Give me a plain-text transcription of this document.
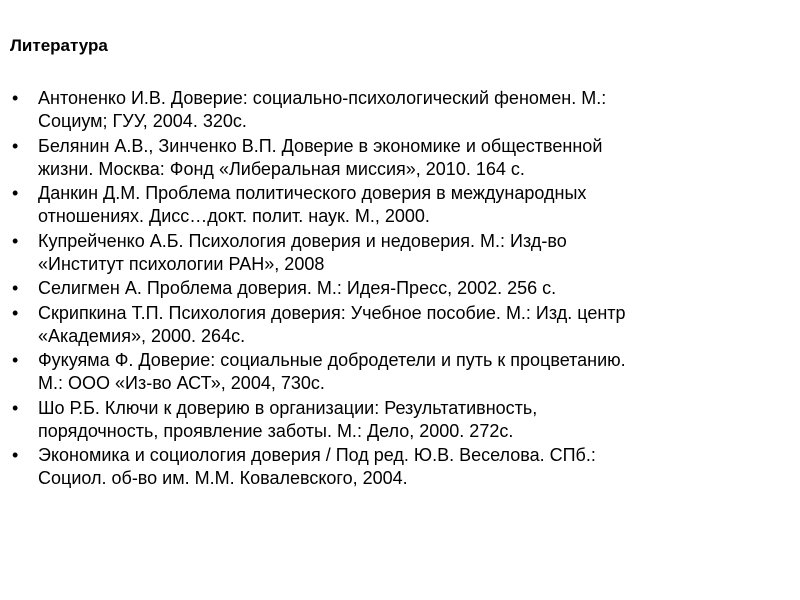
Литература
• Антоненко И.В. Доверие: социально-психологический феномен. М.:
Социум; ГУУ, 2004. 320с.
• Белянин А.В., Зинченко В.П. Доверие в экономике и общественной
жизни. Москва: Фонд «Либеральная миссия», 2010. 164 с.
• Данкин Д.М. Проблема политического доверия в международных
отношениях. Дисс…докт. полит. наук. М., 2000.
• Купрейченко А.Б. Психология доверия и недоверия. М.: Изд-во
«Институт психологии РАН», 2008
• Селигмен А. Проблема доверия. М.: Идея-Пресс, 2002. 256 с.
• Скрипкина Т.П. Психология доверия: Учебное пособие. М.: Изд. центр
«Академия», 2000. 264с.
• Фукуяма Ф. Доверие: социальные добродетели и путь к процветанию.
М.: ООО «Из-во АСТ», 2004, 730с.
• Шо Р.Б. Ключи к доверию в организации: Результативность,
порядочность, проявление заботы. М.: Дело, 2000. 272с.
• Экономика и социология доверия / Под ред. Ю.В. Веселова. СПб.:
Социол. об-во им. М.М. Ковалевского, 2004.
